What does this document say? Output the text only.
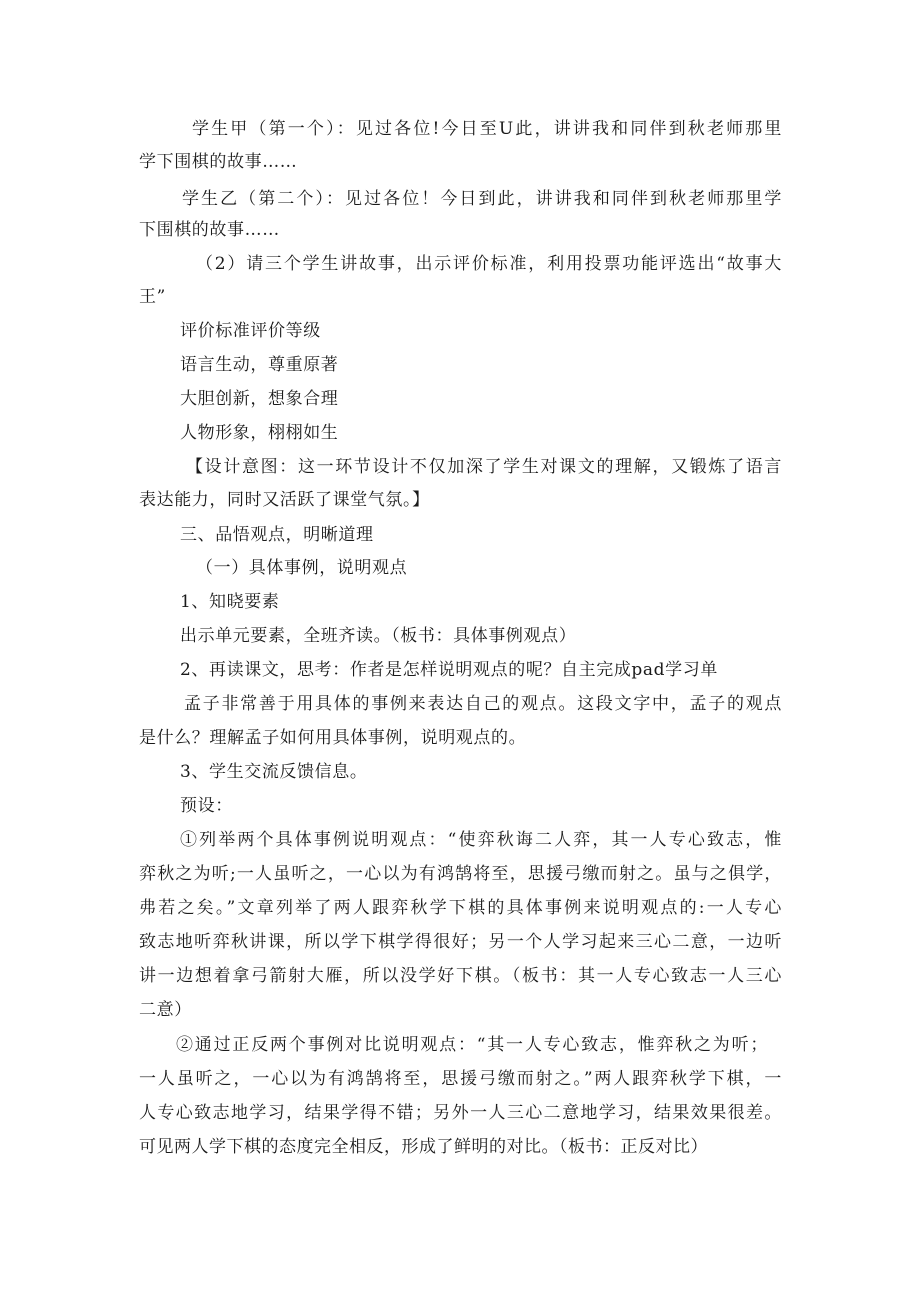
学生甲（第一个）：见过各位!今日至U此，讲讲我和同伴到秋老师那里
学下围棋的故事……
学生乙（第二个）：见过各位！今日到此，讲讲我和同伴到秋老师那里学
下围棋的故事……
（2）请三个学生讲故事，出示评价标准，利用投票功能评选出“故事大
王”
评价标准评价等级
语言生动，尊重原著
大胆创新，想象合理
人物形象，栩栩如生
【设计意图：这一环节设计不仅加深了学生对课文的理解，又锻炼了语言
表达能力，同时又活跃了课堂气氛。】
三、品悟观点，明晰道理
（一）具体事例，说明观点
1、知晓要素
出示单元要素，全班齐读。（板书：具体事例观点）
2、再读课文，思考：作者是怎样说明观点的呢？自主完成pad学习单
孟子非常善于用具体的事例来表达自己的观点。这段文字中，孟子的观点
是什么？理解孟子如何用具体事例，说明观点的。
3、学生交流反馈信息。
预设：
①列举两个具体事例说明观点：“使弈秋诲二人弈，其一人专心致志，惟
弈秋之为听;一人虽听之，一心以为有鸿鹄将至，思援弓缴而射之。虽与之俱学，
弗若之矣。”文章列举了两人跟弈秋学下棋的具体事例来说明观点的:一人专心
致志地听弈秋讲课，所以学下棋学得很好；另一个人学习起来三心二意，一边听
讲一边想着拿弓箭射大雁，所以没学好下棋。（板书：其一人专心致志一人三心
二意）
②通过正反两个事例对比说明观点：“其一人专心致志，惟弈秋之为听；
一人虽听之，一心以为有鸿鹄将至，思援弓缴而射之。”两人跟弈秋学下棋，一
人专心致志地学习，结果学得不错；另外一人三心二意地学习，结果效果很差。
可见两人学下棋的态度完全相反，形成了鲜明的对比。（板书：正反对比）
